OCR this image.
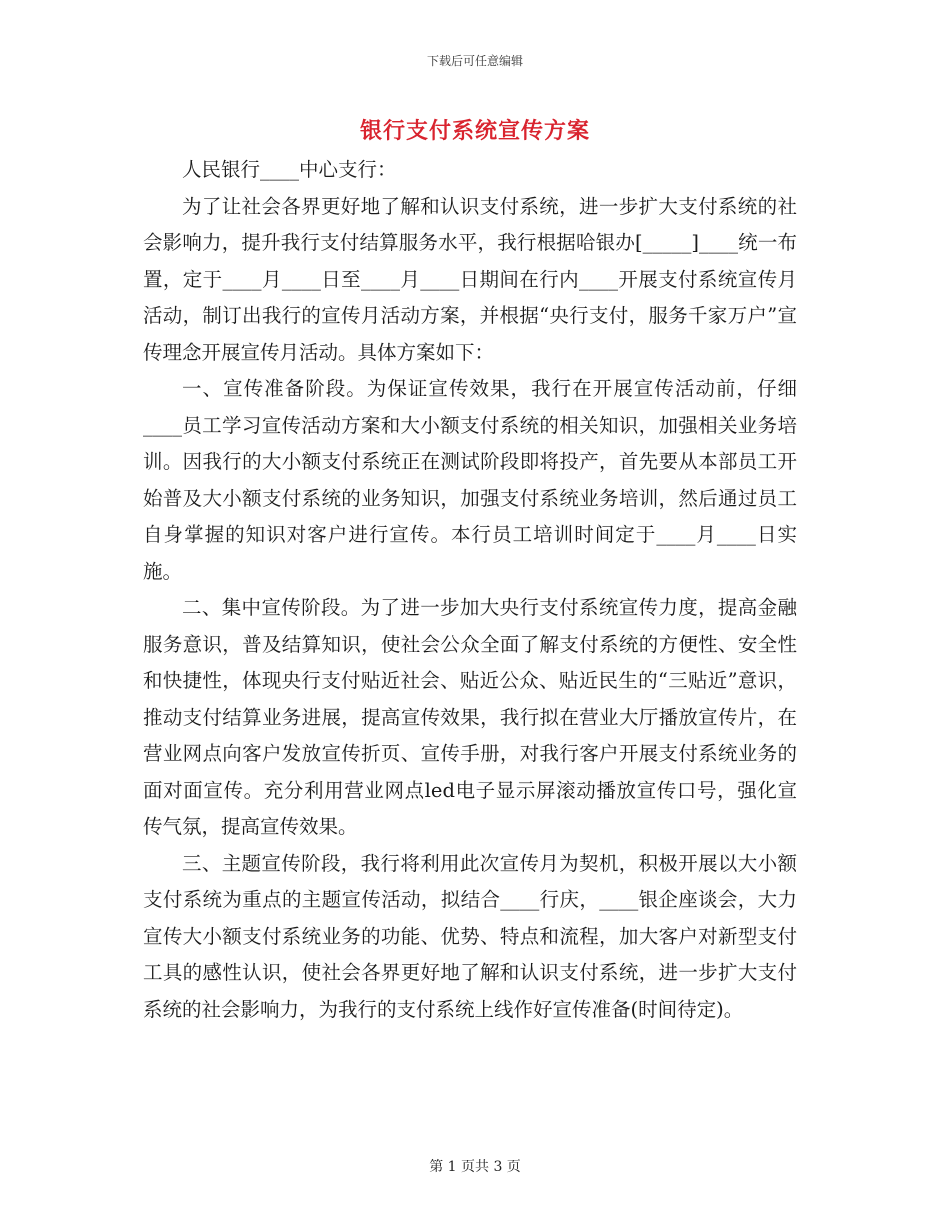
下载后可任意编辑
银行支付系统宣传方案

人民银行____中心支行：

为了让社会各界更好地了解和认识支付系统，进一步扩大支付系统的社会影响力，提升我行支付结算服务水平，我行根据哈银办[_____]____统一布置，定于____月____日至____月____日期间在行内____开展支付系统宣传月活动，制订出我行的宣传月活动方案，并根据“央行支付，服务千家万户”宣传理念开展宣传月活动。具体方案如下：

一、宣传准备阶段。为保证宣传效果，我行在开展宣传活动前，仔细____员工学习宣传活动方案和大小额支付系统的相关知识，加强相关业务培训。因我行的大小额支付系统正在测试阶段即将投产，首先要从本部员工开始普及大小额支付系统的业务知识，加强支付系统业务培训，然后通过员工自身掌握的知识对客户进行宣传。本行员工培训时间定于____月____日实施。

二、集中宣传阶段。为了进一步加大央行支付系统宣传力度，提高金融服务意识，普及结算知识，使社会公众全面了解支付系统的方便性、安全性和快捷性，体现央行支付贴近社会、贴近公众、贴近民生的“三贴近”意识，推动支付结算业务进展，提高宣传效果，我行拟在营业大厅播放宣传片，在营业网点向客户发放宣传折页、宣传手册，对我行客户开展支付系统业务的面对面宣传。充分利用营业网点led电子显示屏滚动播放宣传口号，强化宣传气氛，提高宣传效果。

三、主题宣传阶段，我行将利用此次宣传月为契机，积极开展以大小额支付系统为重点的主题宣传活动，拟结合____行庆，____银企座谈会，大力宣传大小额支付系统业务的功能、优势、特点和流程，加大客户对新型支付工具的感性认识，使社会各界更好地了解和认识支付系统，进一步扩大支付系统的社会影响力，为我行的支付系统上线作好宣传准备(时间待定)。

第 1 页共 3 页
